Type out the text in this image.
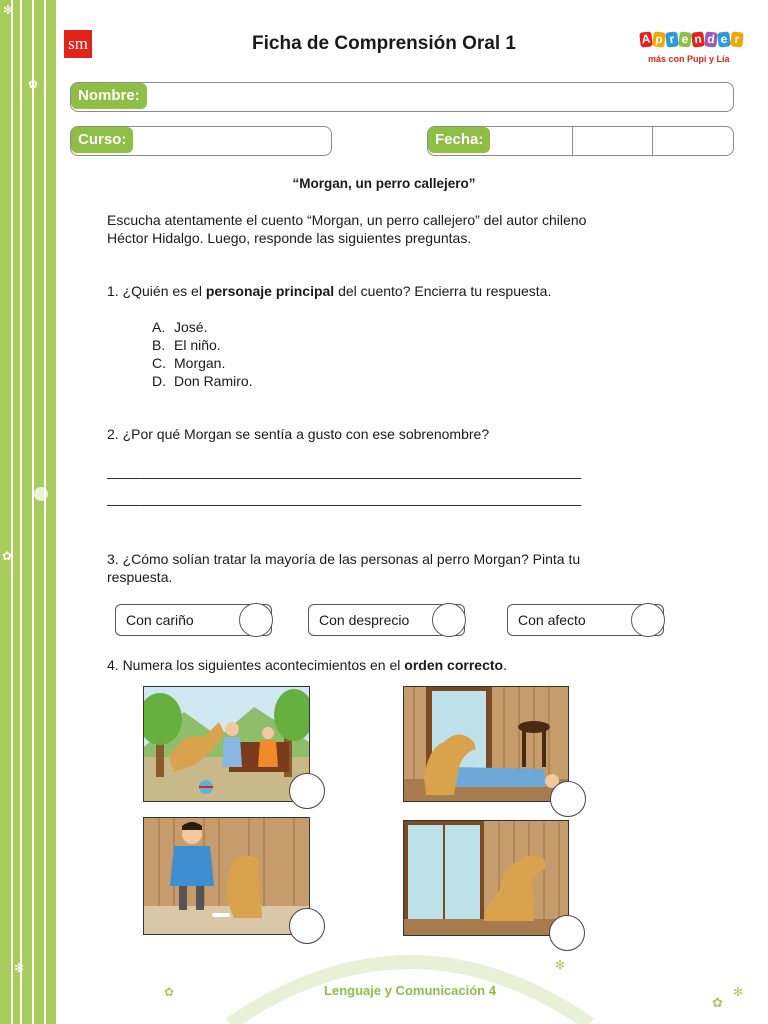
✻
✿
✿
✻
sm	Ficha de Comprensión Oral 1	A p r e n d e r
más con Pupi y Lía
Nombre:
Curso:	Fecha:
“Morgan, un perro callejero”
Escucha atentamente el cuento “Morgan, un perro callejero” del autor chileno
Héctor Hidalgo. Luego, responde las siguientes preguntas.
1. ¿Quién es el personaje principal del cuento? Encierra tu respuesta.
A. José.
B. El niño.
C. Morgan.
D. Don Ramiro.
2. ¿Por qué Morgan se sentía a gusto con ese sobrenombre?
_________________________________________________________________
_________________________________________________________________
3. ¿Cómo solían tratar la mayoría de las personas al perro Morgan? Pinta tu
respuesta.
Con cariño	Con desprecio	Con afecto
4. Numera los siguientes acontecimientos en el orden correcto.
Lenguaje y Comunicación 4
✿
✻
✿
✻
